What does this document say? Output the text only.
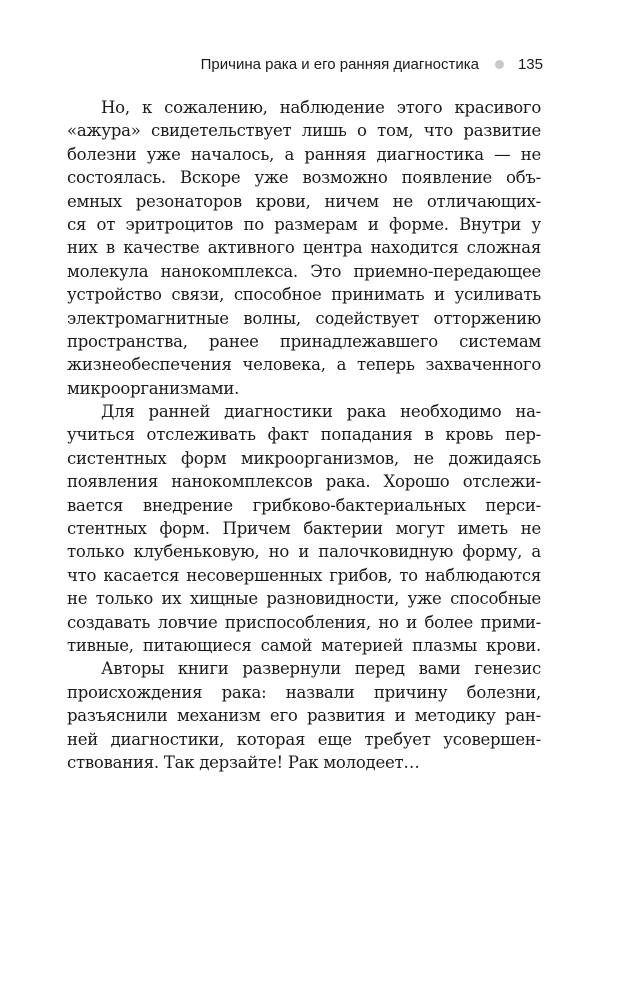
Причина рака и его ранняя диагностика	135
Но, к сожалению, наблюдение этого красивого
«ажура» свидетельствует лишь о том, что развитие
болезни уже началось, а ранняя диагностика — не
состоялась. Вскоре уже возможно появление объ-
емных резонаторов крови, ничем не отличающих-
ся от эритроцитов по размерам и форме. Внутри у
них в качестве активного центра находится сложная
молекула нанокомплекса. Это приемно-передающее
устройство связи, способное принимать и усиливать
электромагнитные волны, содействует отторжению
пространства, ранее принадлежавшего системам
жизнеобеспечения человека, а теперь захваченного
микроорганизмами.
Для ранней диагностики рака необходимо на-
учиться отслеживать факт попадания в кровь пер-
систентных форм микроорганизмов, не дожидаясь
появления нанокомплексов рака. Хорошо отслежи-
вается внедрение грибково-бактериальных перси-
стентных форм. Причем бактерии могут иметь не
только клубеньковую, но и палочковидную форму, а
что касается несовершенных грибов, то наблюдаются
не только их хищные разновидности, уже способные
создавать ловчие приспособления, но и более прими-
тивные, питающиеся самой материей плазмы крови.
Авторы книги развернули перед вами генезис
происхождения рака: назвали причину болезни,
разъяснили механизм его развития и методику ран-
ней диагностики, которая еще требует усовершен-
ствования. Так дерзайте! Рак молодеет…
